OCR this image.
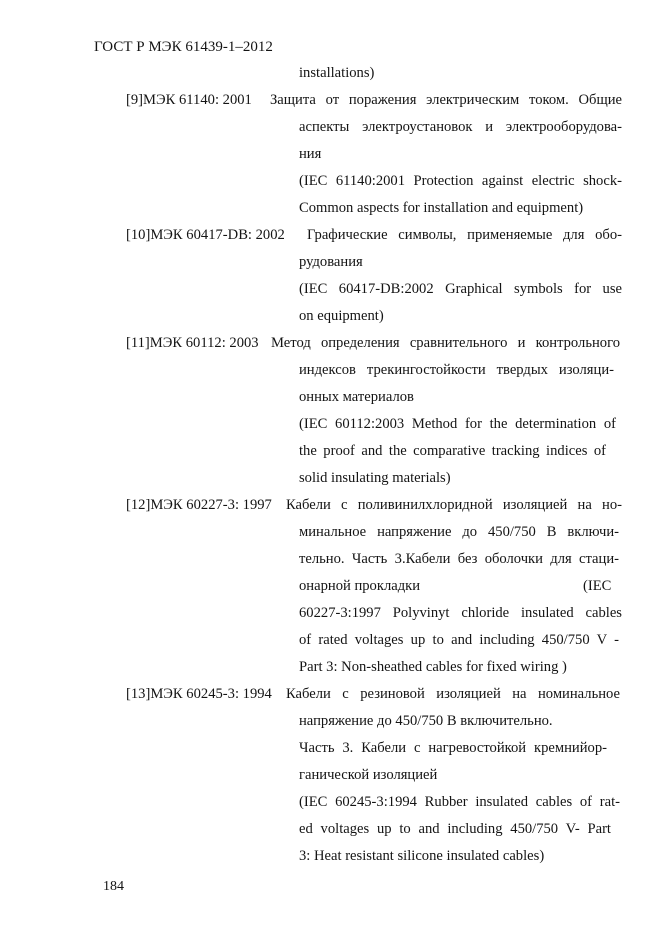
ГОСТ Р МЭК 61439-1–2012
installations)
[9]МЭК 61140: 2001 Защита от поражения электрическим током. Общие
аспекты электроустановок и электрооборудова-
ния
(IEC 61140:2001 Protection against electric shock-
Common aspects for installation and equipment)
[10]МЭК 60417-DB: 2002 Графические символы, применяемые для обо-
рудования
(IEC 60417-DB:2002 Graphical symbols for use
on equipment)
[11]МЭК 60112: 2003 Метод определения сравнительного и контрольного
индексов трекингостойкости твердых изоляци-
онных материалов
(IEC 60112:2003 Method for the determination of
the proof and the comparative tracking indices of
solid insulating materials)
[12]МЭК 60227-3: 1997 Кабели с поливинилхлоридной изоляцией на но-
минальное напряжение до 450/750 В включи-
тельно. Часть 3.Кабели без оболочки для стаци-
онарной прокладки	(IEC
60227-3:1997 Polyvinyt chloride insulated cables
of rated voltages up to and including 450/750 V -
Part 3: Non-sheathed cables for fixed wiring )
[13]МЭК 60245-3: 1994 Кабели с резиновой изоляцией на номинальное
напряжение до 450/750 В включительно.
Часть 3. Кабели с нагревостойкой кремнийор-
ганической изоляцией
(IEC 60245-3:1994 Rubber insulated cables of rat-
ed voltages up to and including 450/750 V- Part
3: Heat resistant silicone insulated cables)
184
